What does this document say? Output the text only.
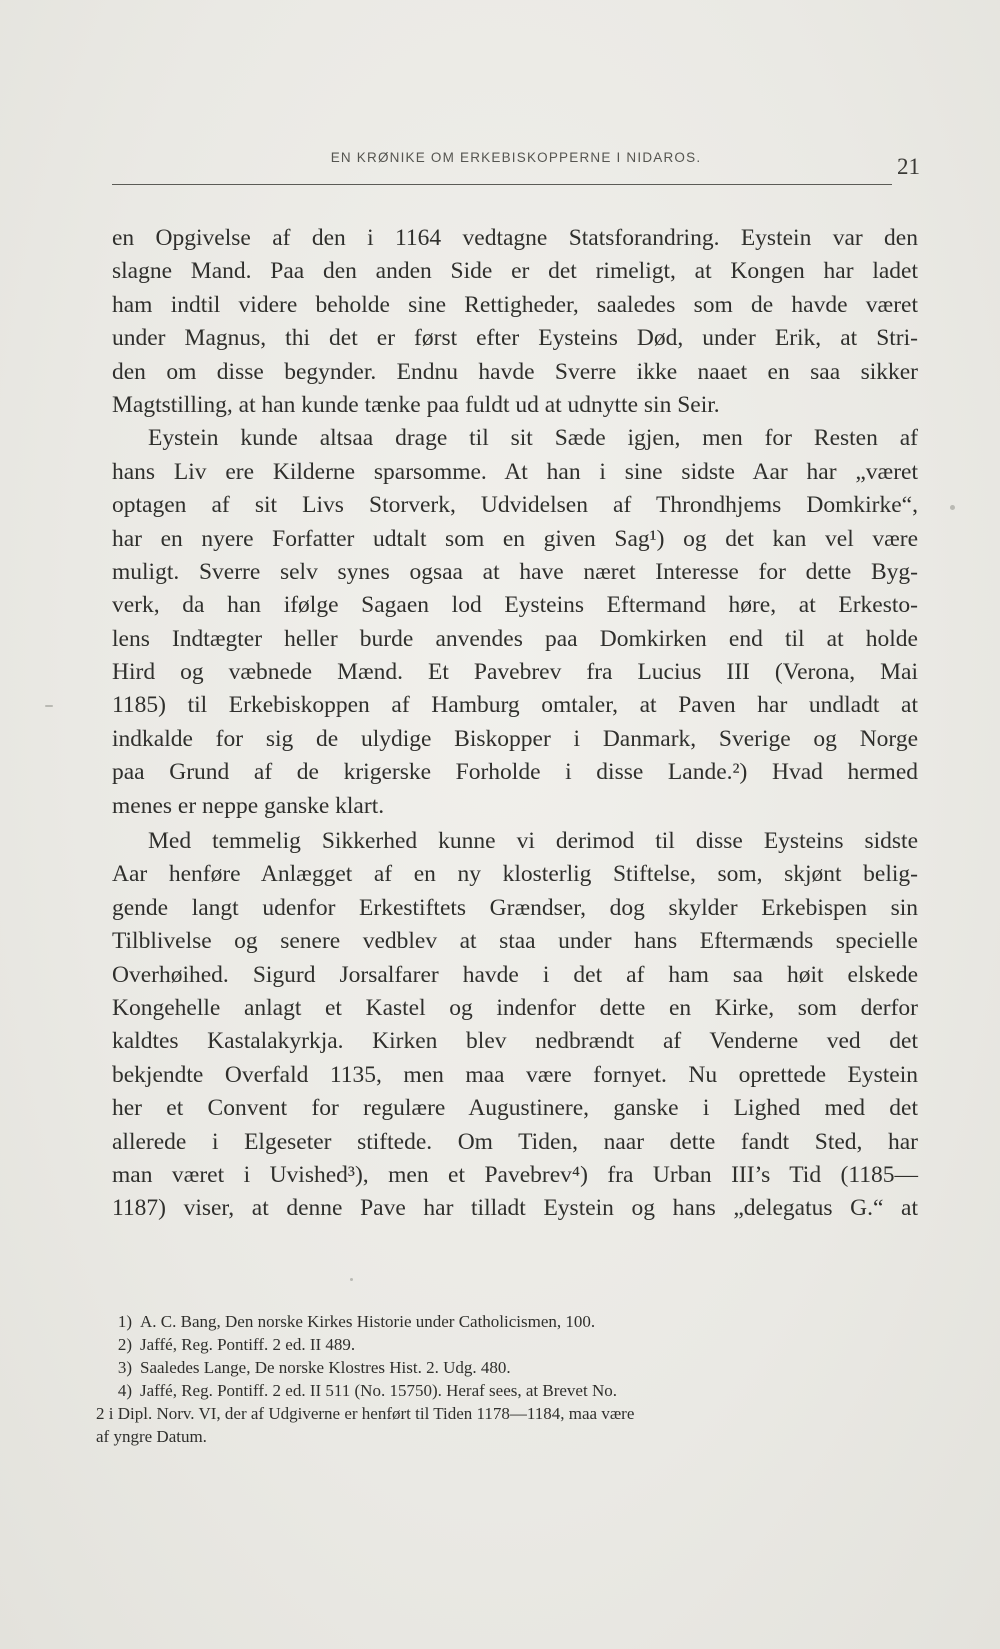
EN KRØNIKE OM ERKEBISKOPPERNE I NIDAROS.	21
en Opgivelse af den i 1164 vedtagne Statsforandring. Eystein var den
slagne Mand. Paa den anden Side er det rimeligt, at Kongen har ladet
ham indtil videre beholde sine Rettigheder, saaledes som de havde været
under Magnus, thi det er først efter Eysteins Død, under Erik, at Stri-
den om disse begynder. Endnu havde Sverre ikke naaet en saa sikker
Magtstilling, at han kunde tænke paa fuldt ud at udnytte sin Seir.
Eystein kunde altsaa drage til sit Sæde igjen, men for Resten af
hans Liv ere Kilderne sparsomme. At han i sine sidste Aar har „været
optagen af sit Livs Storverk, Udvidelsen af Throndhjems Domkirke“,
har en nyere Forfatter udtalt som en given Sag¹) og det kan vel være
muligt. Sverre selv synes ogsaa at have næret Interesse for dette Byg-
verk, da han ifølge Sagaen lod Eysteins Eftermand høre, at Erkesto-
lens Indtægter heller burde anvendes paa Domkirken end til at holde
Hird og væbnede Mænd. Et Pavebrev fra Lucius III (Verona, Mai
1185) til Erkebiskoppen af Hamburg omtaler, at Paven har undladt at
indkalde for sig de ulydige Biskopper i Danmark, Sverige og Norge
paa Grund af de krigerske Forholde i disse Lande.²) Hvad hermed
menes er neppe ganske klart.
Med temmelig Sikkerhed kunne vi derimod til disse Eysteins sidste
Aar henføre Anlægget af en ny klosterlig Stiftelse, som, skjønt belig-
gende langt udenfor Erkestiftets Grændser, dog skylder Erkebispen sin
Tilblivelse og senere vedblev at staa under hans Eftermænds specielle
Overhøihed. Sigurd Jorsalfarer havde i det af ham saa høit elskede
Kongehelle anlagt et Kastel og indenfor dette en Kirke, som derfor
kaldtes Kastalakyrkja. Kirken blev nedbrændt af Venderne ved det
bekjendte Overfald 1135, men maa være fornyet. Nu oprettede Eystein
her et Convent for regulære Augustinere, ganske i Lighed med det
allerede i Elgeseter stiftede. Om Tiden, naar dette fandt Sted, har
man været i Uvished³), men et Pavebrev⁴) fra Urban III’s Tid (1185—
1187) viser, at denne Pave har tilladt Eystein og hans „delegatus G.“ at
1) A. C. Bang, Den norske Kirkes Historie under Catholicismen, 100.
2) Jaffé, Reg. Pontiff. 2 ed. II 489.
3) Saaledes Lange, De norske Klostres Hist. 2. Udg. 480.
4) Jaffé, Reg. Pontiff. 2 ed. II 511 (No. 15750). Heraf sees, at Brevet No.
2 i Dipl. Norv. VI, der af Udgiverne er henført til Tiden 1178—1184, maa være
af yngre Datum.
